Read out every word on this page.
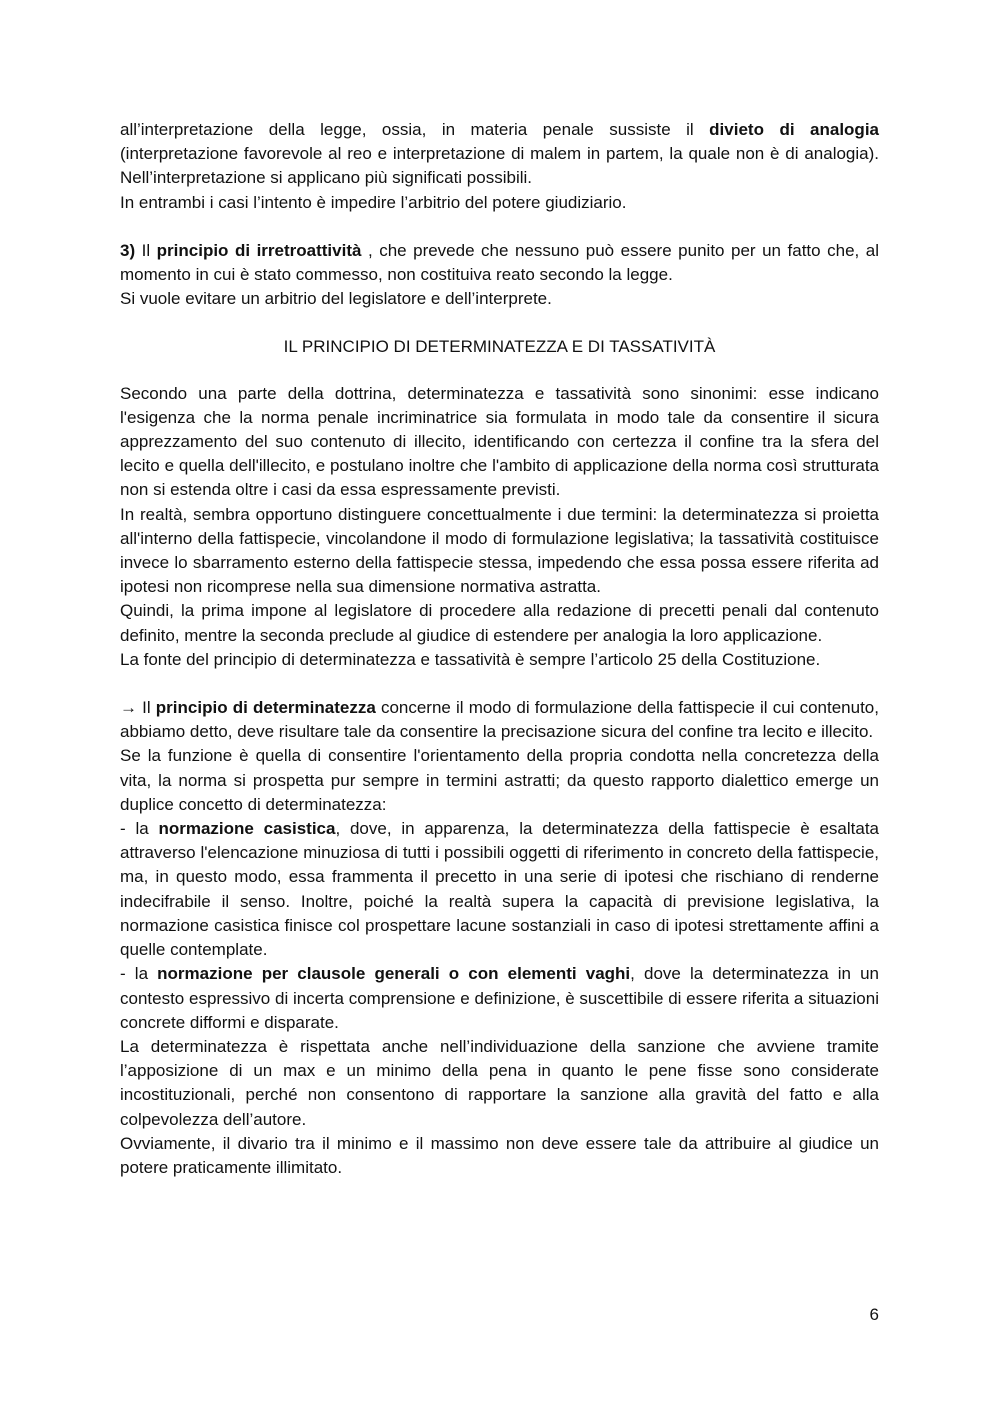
all’interpretazione della legge, ossia, in materia penale sussiste il divieto di analogia (interpretazione favorevole al reo e interpretazione di malem in partem, la quale non è di analogia). Nell’interpretazione si applicano più significati possibili.

In entrambi i casi l’intento è impedire l’arbitrio del potere giudiziario.

3) Il principio di irretroattività , che prevede che nessuno può essere punito per un fatto che, al momento in cui è stato commesso, non costituiva reato secondo la legge.

Si vuole evitare un arbitrio del legislatore e dell’interprete.

IL PRINCIPIO DI DETERMINATEZZA E DI TASSATIVITÀ

Secondo una parte della dottrina, determinatezza e tassatività sono sinonimi: esse indicano l'esigenza che la norma penale incriminatrice sia formulata in modo tale da consentire il sicura apprezzamento del suo contenuto di illecito, identificando con certezza il confine tra la sfera del lecito e quella dell'illecito, e postulano inoltre che l'ambito di applicazione della norma così strutturata non si estenda oltre i casi da essa espressamente previsti.

In realtà, sembra opportuno distinguere concettualmente i due termini: la determinatezza si proietta all'interno della fattispecie, vincolandone il modo di formulazione legislativa; la tassatività costituisce invece lo sbarramento esterno della fattispecie stessa, impedendo che essa possa essere riferita ad ipotesi non ricomprese nella sua dimensione normativa astratta.

Quindi, la prima impone al legislatore di procedere alla redazione di precetti penali dal contenuto definito, mentre la seconda preclude al giudice di estendere per analogia la loro applicazione.

La fonte del principio di determinatezza e tassatività è sempre l’articolo 25 della Costituzione.

→ Il principio di determinatezza concerne il modo di formulazione della fattispecie il cui contenuto, abbiamo detto, deve risultare tale da consentire la precisazione sicura del confine tra lecito e illecito.

Se la funzione è quella di consentire l'orientamento della propria condotta nella concretezza della vita, la norma si prospetta pur sempre in termini astratti; da questo rapporto dialettico emerge un duplice concetto di determinatezza:

- la normazione casistica, dove, in apparenza, la determinatezza della fattispecie è esaltata attraverso l'elencazione minuziosa di tutti i possibili oggetti di riferimento in concreto della fattispecie, ma, in questo modo, essa frammenta il precetto in una serie di ipotesi che rischiano di renderne indecifrabile il senso. Inoltre, poiché la realtà supera la capacità di previsione legislativa, la normazione casistica finisce col prospettare lacune sostanziali in caso di ipotesi strettamente affini a quelle contemplate.

- la normazione per clausole generali o con elementi vaghi, dove la determinatezza in un contesto espressivo di incerta comprensione e definizione, è suscettibile di essere riferita a situazioni concrete difformi e disparate.

La determinatezza è rispettata anche nell’individuazione della sanzione che avviene tramite l’apposizione di un max e un minimo della pena in quanto le pene fisse sono considerate incostituzionali, perché non consentono di rapportare la sanzione alla gravità del fatto e alla colpevolezza dell’autore.

Ovviamente, il divario tra il minimo e il massimo non deve essere tale da attribuire al giudice un potere praticamente illimitato.

6
